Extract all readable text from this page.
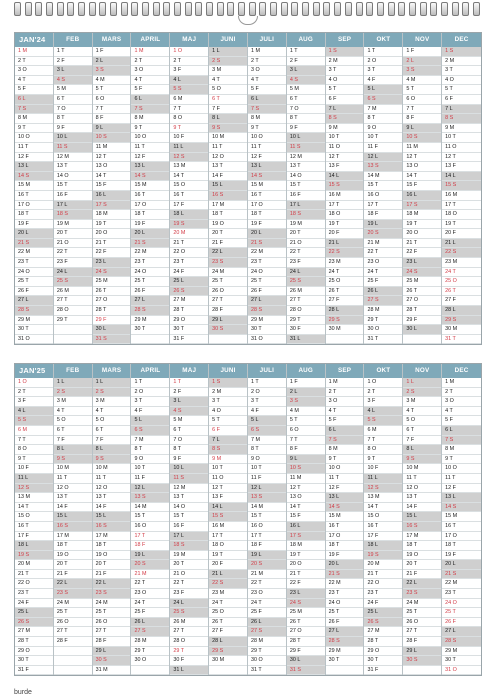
JAN'24
1 M
2 T
3 O
4 T
5 F
6 L
7 S
8 M
9 T
10 O
11 T
12 F
13 L
14 S
15 M
16 T
17 O
18 T
19 F
20 L
21 S
22 M
23 T
24 O
25 T
26 F
27 L
28 S
29 M
30 T
31 O
FEB
1 T
2 F
3 L
4 S
5 M
6 T
7 O
8 T
9 F
10 L
11 S
12 M
13 T
14 O
15 T
16 F
17 L
18 S
19 M
20 T
21 O
22 T
23 F
24 L
25 S
26 M
27 T
28 O
29 T
MARS
1 F
2 L
3 S
4 M
5 T
6 O
7 T
8 F
9 L
10 S
11 M
12 T
13 O
14 T
15 F
16 L
17 S
18 M
19 T
20 O
21 T
22 F
23 L
24 S
25 M
26 T
27 O
28 T
29 F
30 L
31 S
APRIL
1 M
2 T
3 O
4 T
5 F
6 L
7 S
8 M
9 T
10 O
11 T
12 F
13 L
14 S
15 M
16 T
17 O
18 T
19 F
20 L
21 S
22 M
23 T
24 O
25 T
26 F
27 L
28 S
29 M
30 T
MAJ
1 O
2 T
3 F
4 L
5 S
6 M
7 T
8 O
9 T
10 F
11 L
12 S
13 M
14 T
15 O
16 T
17 F
18 L
19 S
20 M
21 T
22 O
23 T
24 F
25 L
26 S
27 M
28 T
29 O
30 T
31 F
JUNI
1 L
2 S
3 M
4 T
5 O
6 T
7 F
8 L
9 S
10 M
11 T
12 O
13 T
14 F
15 L
16 S
17 M
18 T
19 O
20 T
21 F
22 L
23 S
24 M
25 T
26 O
27 T
28 F
29 L
30 S
JULI
1 M
2 T
3 O
4 T
5 F
6 L
7 S
8 M
9 T
10 O
11 T
12 F
13 L
14 S
15 M
16 T
17 O
18 T
19 F
20 L
21 S
22 M
23 T
24 O
25 T
26 F
27 L
28 S
29 M
30 T
31 O
AUG
1 T
2 F
3 L
4 S
5 M
6 T
7 O
8 T
9 F
10 L
11 S
12 M
13 T
14 O
15 T
16 F
17 L
18 S
19 M
20 T
21 O
22 T
23 F
24 L
25 S
26 M
27 T
28 O
29 T
30 F
31 L
SEP
1 S
2 M
3 T
4 O
5 T
6 F
7 L
8 S
9 M
10 T
11 O
12 T
13 F
14 L
15 S
16 M
17 T
18 O
19 T
20 F
21 L
22 S
23 M
24 T
25 O
26 T
27 F
28 L
29 S
30 M
OKT
1 T
2 O
3 T
4 F
5 L
6 S
7 M
8 T
9 O
10 T
11 F
12 L
13 S
14 M
15 T
16 O
17 T
18 F
19 L
20 S
21 M
22 T
23 O
24 T
25 F
26 L
27 S
28 M
29 T
30 O
31 T
NOV
1 F
2 L
3 S
4 M
5 T
6 O
7 T
8 F
9 L
10 S
11 M
12 T
13 O
14 T
15 F
16 L
17 S
18 M
19 T
20 O
21 T
22 F
23 L
24 S
25 M
26 T
27 O
28 T
29 F
30 L
DEC
1 S
2 M
3 T
4 O
5 T
6 F
7 L
8 S
9 M
10 T
11 O
12 T
13 F
14 L
15 S
16 M
17 T
18 O
19 T
20 F
21 L
22 S
23 M
24 T
25 O
26 T
27 F
28 L
29 S
30 M
31 T
JAN'25
1 O
2 T
3 F
4 L
5 S
6 M
7 T
8 O
9 T
10 F
11 L
12 S
13 M
14 T
15 O
16 T
17 F
18 L
19 S
20 M
21 T
22 O
23 T
24 F
25 L
26 S
27 M
28 T
29 O
30 T
31 F
FEB
1 L
2 S
3 M
4 T
5 O
6 T
7 F
8 L
9 S
10 M
11 T
12 O
13 T
14 F
15 L
16 S
17 M
18 T
19 O
20 T
21 F
22 L
23 S
24 M
25 T
26 O
27 T
28 F
MARS
1 L
2 S
3 M
4 T
5 O
6 T
7 F
8 L
9 S
10 M
11 T
12 O
13 T
14 F
15 L
16 S
17 M
18 T
19 O
20 T
21 F
22 L
23 S
24 M
25 T
26 O
27 T
28 F
29 L
30 S
31 M
APRIL
1 T
2 O
3 T
4 F
5 L
6 S
7 M
8 T
9 O
10 T
11 F
12 L
13 S
14 M
15 T
16 O
17 T
18 F
19 L
20 S
21 M
22 T
23 O
24 T
25 F
26 L
27 S
28 M
29 T
30 O
MAJ
1 T
2 F
3 L
4 S
5 M
6 T
7 O
8 T
9 F
10 L
11 S
12 M
13 T
14 O
15 T
16 F
17 L
18 S
19 M
20 T
21 O
22 T
23 F
24 L
25 S
26 M
27 T
28 O
29 T
30 F
31 L
JUNI
1 S
2 M
3 T
4 O
5 T
6 F
7 L
8 S
9 M
10 T
11 O
12 T
13 F
14 L
15 S
16 M
17 T
18 O
19 T
20 F
21 L
22 S
23 M
24 T
25 O
26 T
27 F
28 L
29 S
30 M
JULI
1 T
2 O
3 T
4 F
5 L
6 S
7 M
8 T
9 O
10 T
11 F
12 L
13 S
14 M
15 T
16 O
17 T
18 F
19 L
20 S
21 M
22 T
23 O
24 T
25 F
26 L
27 S
28 M
29 T
30 O
31 T
AUG
1 F
2 L
3 S
4 M
5 T
6 O
7 T
8 F
9 L
10 S
11 M
12 T
13 O
14 T
15 F
16 L
17 S
18 M
19 T
20 O
21 T
22 F
23 L
24 S
25 M
26 T
27 O
28 T
29 F
30 L
31 S
SEP
1 M
2 T
3 O
4 T
5 F
6 L
7 S
8 M
9 T
10 O
11 T
12 F
13 L
14 S
15 M
16 T
17 O
18 T
19 F
20 L
21 S
22 M
23 T
24 O
25 T
26 F
27 L
28 S
29 M
30 T
OKT
1 O
2 T
3 F
4 L
5 S
6 M
7 T
8 O
9 T
10 F
11 L
12 S
13 M
14 T
15 O
16 T
17 F
18 L
19 S
20 M
21 T
22 O
23 T
24 F
25 L
26 S
27 M
28 T
29 O
30 T
31 F
NOV
1 L
2 S
3 M
4 T
5 O
6 T
7 F
8 L
9 S
10 M
11 T
12 O
13 T
14 F
15 L
16 S
17 M
18 T
19 O
20 T
21 F
22 L
23 S
24 M
25 T
26 O
27 T
28 F
29 L
30 S
DEC
1 M
2 T
3 O
4 T
5 F
6 L
7 S
8 M
9 T
10 O
11 T
12 F
13 L
14 S
15 M
16 T
17 O
18 T
19 F
20 L
21 S
22 M
23 T
24 O
25 T
26 F
27 L
28 S
29 M
30 T
31 O
burde
